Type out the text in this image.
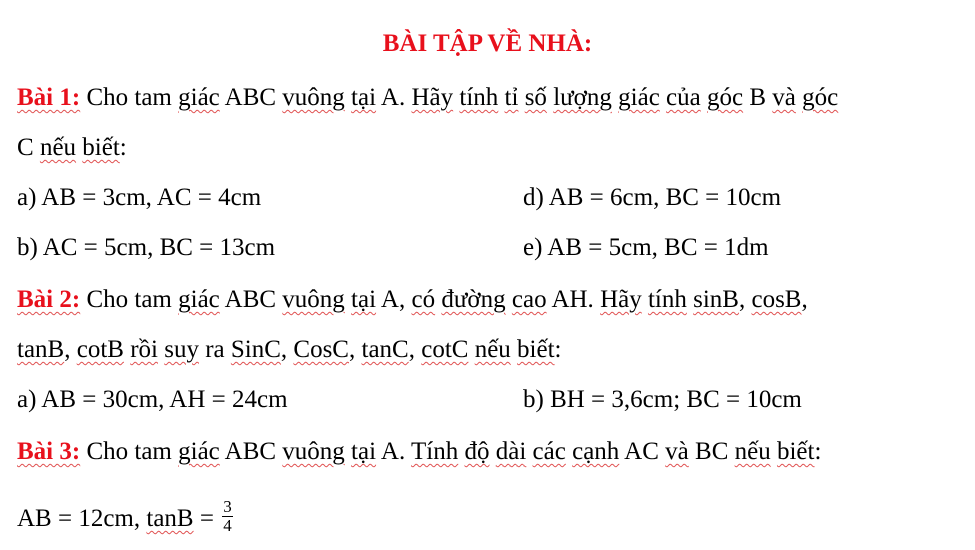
BÀI TẬP VỀ NHÀ:
Bài 1: Cho tam giác ABC vuông tại A. Hãy tính tỉ số lượng giác của góc B và góc
C nếu biết:
a) AB = 3cm, AC = 4cm	d) AB = 6cm, BC = 10cm
b) AC = 5cm, BC = 13cm	e) AB = 5cm, BC = 1dm
Bài 2: Cho tam giác ABC vuông tại A, có đường cao AH. Hãy tính sinB, cosB,
tanB, cotB rồi suy ra SinC, CosC, tanC, cotC nếu biết:
a) AB = 30cm, AH = 24cm	b) BH = 3,6cm; BC = 10cm
Bài 3: Cho tam giác ABC vuông tại A. Tính độ dài các cạnh AC và BC nếu biết:
AB = 12cm, $\tan B = \frac{3}{4}$
